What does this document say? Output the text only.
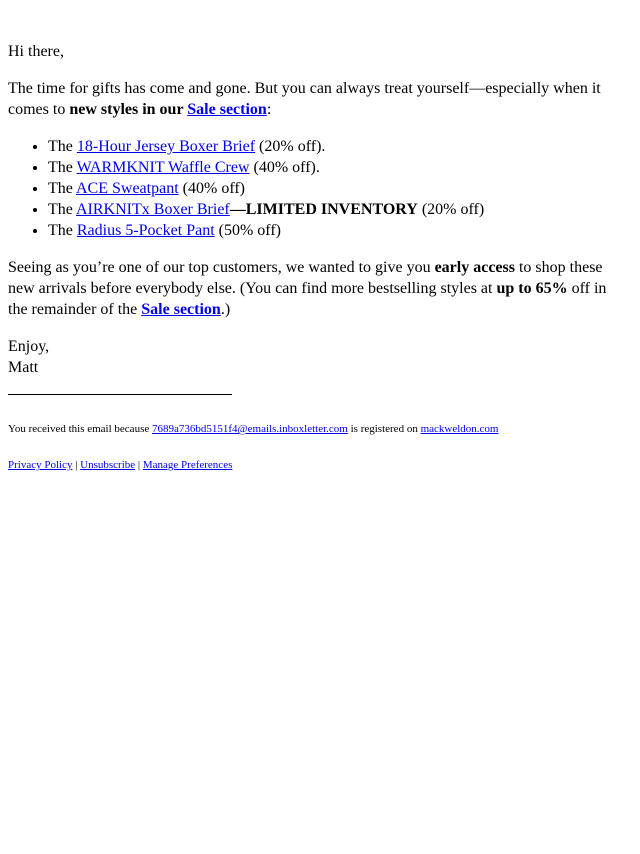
Hi there,

The time for gifts has come and gone. But you can always treat yourself—especially when it comes to new styles in our Sale section:

• The 18-Hour Jersey Boxer Brief (20% off).
• The WARMKNIT Waffle Crew (40% off).
• The ACE Sweatpant (40% off)
• The AIRKNITx Boxer Brief—LIMITED INVENTORY (20% off)
• The Radius 5-Pocket Pant (50% off)

Seeing as you’re one of our top customers, we wanted to give you early access to shop these new arrivals before everybody else. (You can find more bestselling styles at up to 65% off in the remainder of the Sale section.)

Enjoy,
Matt

You received this email because 7689a736bd5151f4@emails.inboxletter.com is registered on mackweldon.com

Privacy Policy | Unsubscribe | Manage Preferences
